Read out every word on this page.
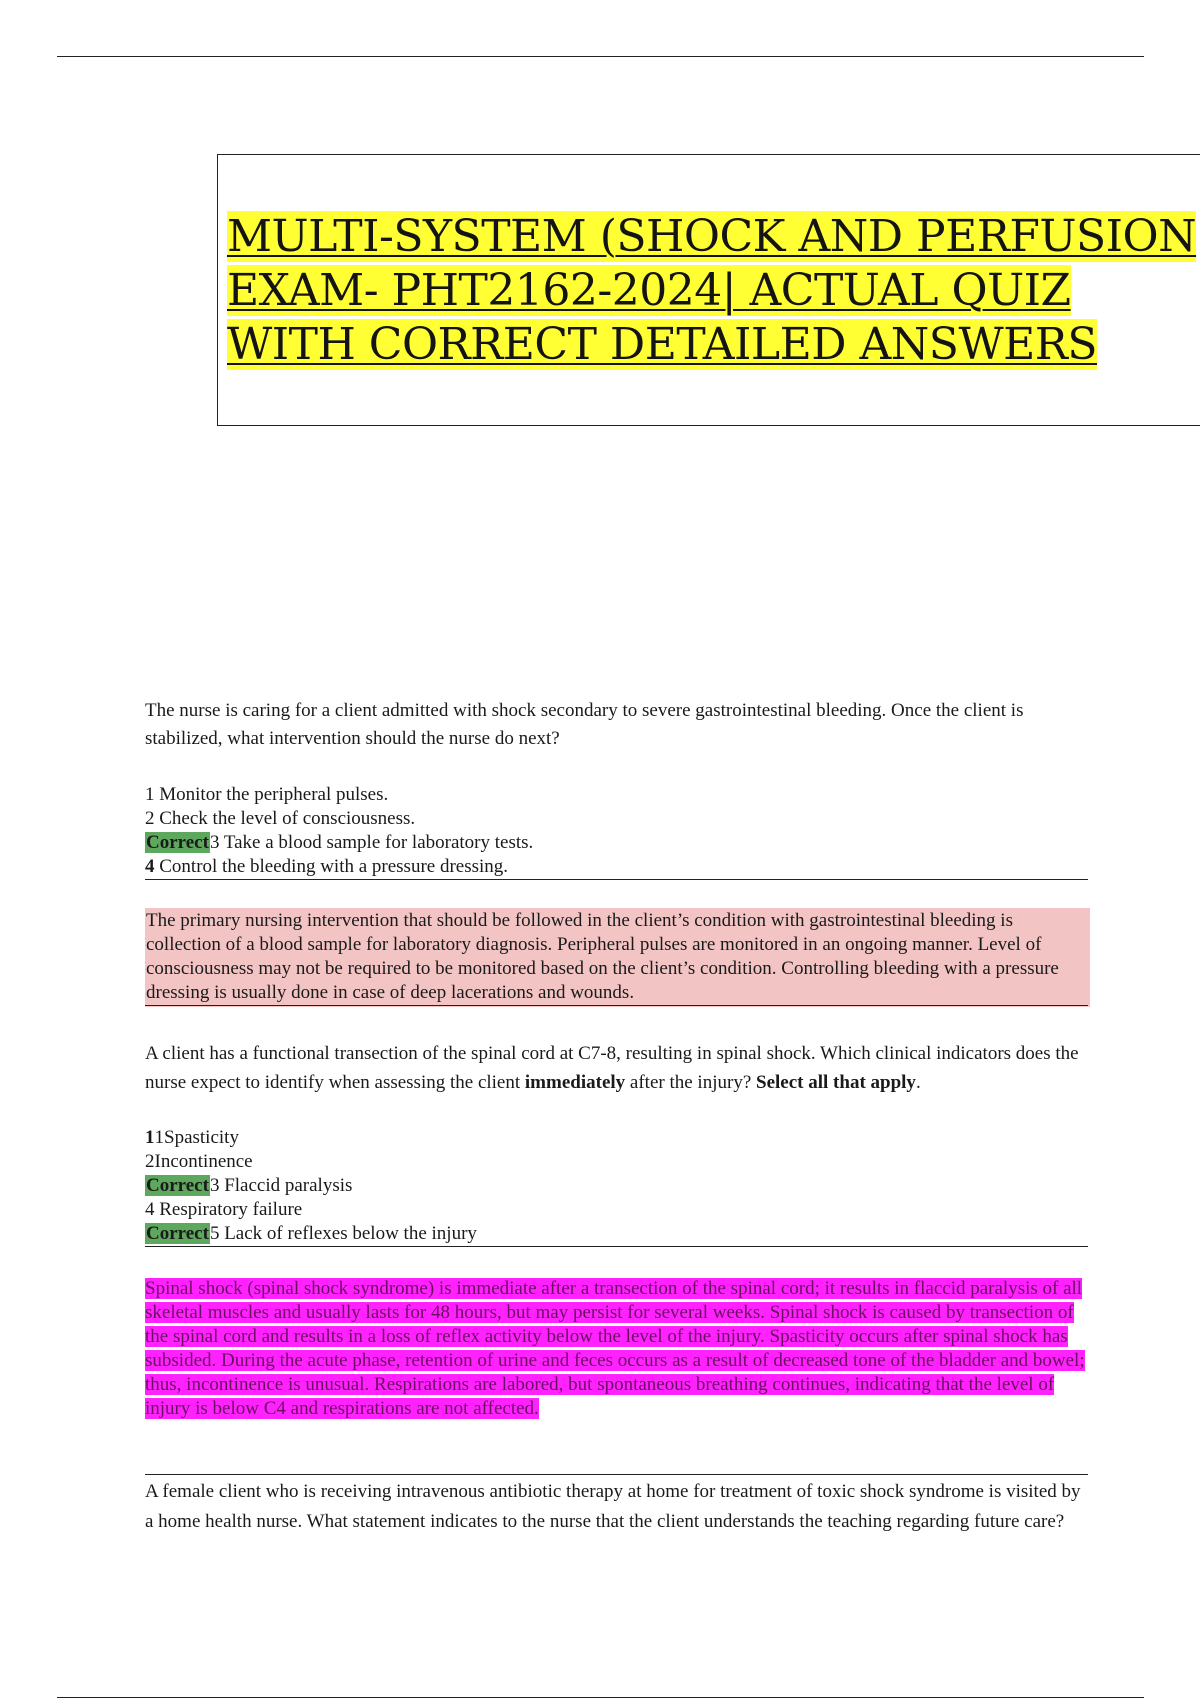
MULTI-SYSTEM (SHOCK AND PERFUSION EXAM- PHT2162-2024| ACTUAL QUIZ WITH CORRECT DETAILED ANSWERS

The nurse is caring for a client admitted with shock secondary to severe gastrointestinal bleeding. Once the client is stabilized, what intervention should the nurse do next?

1 Monitor the peripheral pulses.
2 Check the level of consciousness.
Correct3 Take a blood sample for laboratory tests.
4 Control the bleeding with a pressure dressing.

The primary nursing intervention that should be followed in the client’s condition with gastrointestinal bleeding is collection of a blood sample for laboratory diagnosis. Peripheral pulses are monitored in an ongoing manner. Level of consciousness may not be required to be monitored based on the client’s condition. Controlling bleeding with a pressure dressing is usually done in case of deep lacerations and wounds.

A client has a functional transection of the spinal cord at C7-8, resulting in spinal shock. Which clinical indicators does the nurse expect to identify when assessing the client immediately after the injury? Select all that apply.

11Spasticity
2Incontinence
Correct3 Flaccid paralysis
4 Respiratory failure
Correct5 Lack of reflexes below the injury

Spinal shock (spinal shock syndrome) is immediate after a transection of the spinal cord; it results in flaccid paralysis of all skeletal muscles and usually lasts for 48 hours, but may persist for several weeks. Spinal shock is caused by transection of the spinal cord and results in a loss of reflex activity below the level of the injury. Spasticity occurs after spinal shock has subsided. During the acute phase, retention of urine and feces occurs as a result of decreased tone of the bladder and bowel; thus, incontinence is unusual. Respirations are labored, but spontaneous breathing continues, indicating that the level of injury is below C4 and respirations are not affected.

A female client who is receiving intravenous antibiotic therapy at home for treatment of toxic shock syndrome is visited by a home health nurse. What statement indicates to the nurse that the client understands the teaching regarding future care?
